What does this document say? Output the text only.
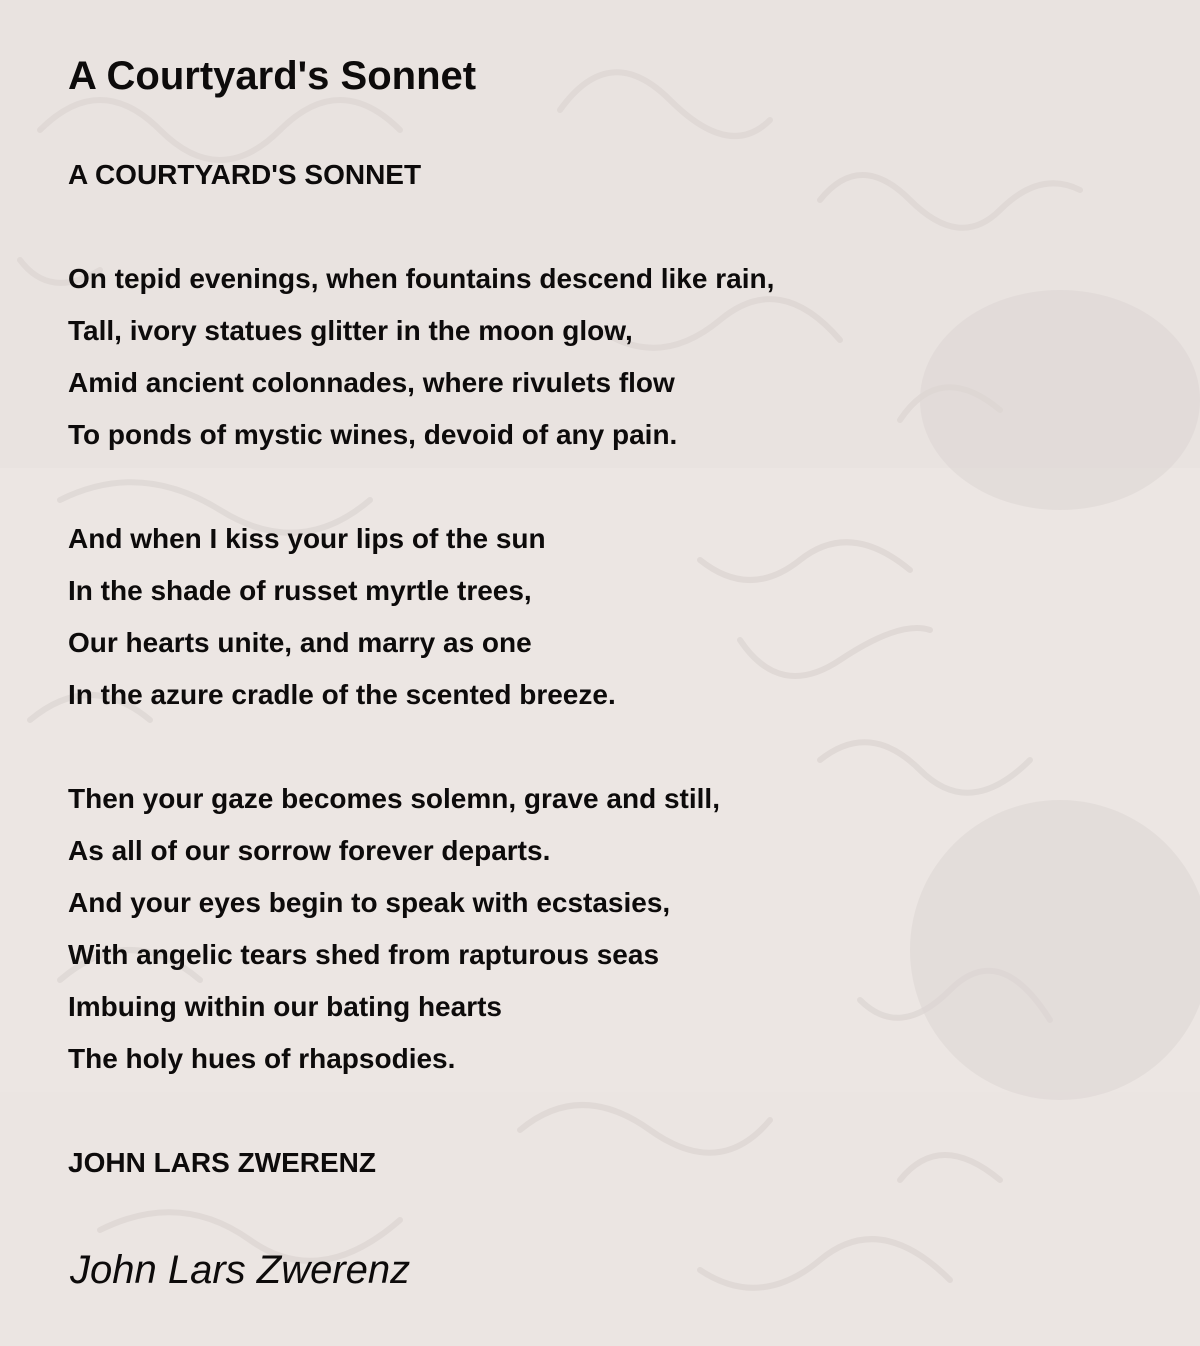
A Courtyard's Sonnet
A COURTYARD'S SONNET
On tepid evenings, when fountains descend like rain,
Tall, ivory statues glitter in the moon glow,
Amid ancient colonnades, where rivulets flow
To ponds of mystic wines, devoid of any pain.
And when I kiss your lips of the sun
In the shade of russet myrtle trees,
Our hearts unite, and marry as one
In the azure cradle of the scented breeze.
Then your gaze becomes solemn, grave and still,
As all of our sorrow forever departs.
And your eyes begin to speak with ecstasies,
With angelic tears shed from rapturous seas
Imbuing within our bating hearts
The holy hues of rhapsodies.

JOHN LARS ZWERENZ

John Lars Zwerenz
